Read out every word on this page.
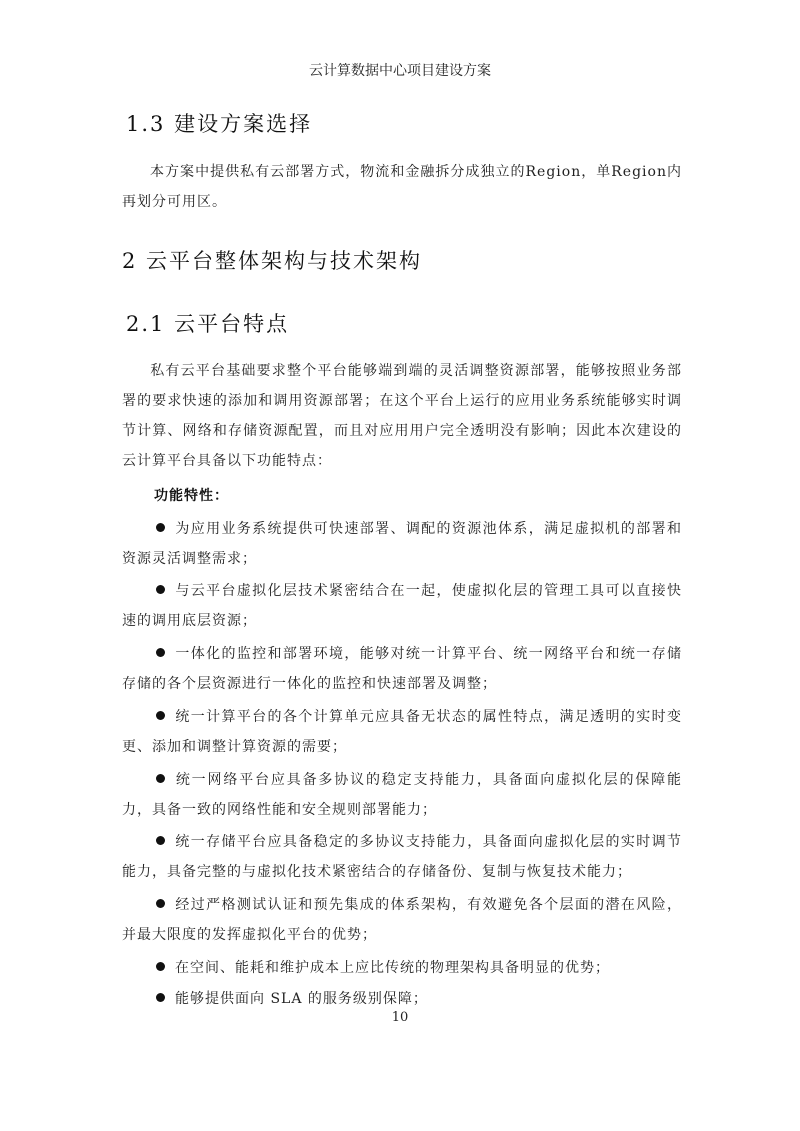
云计算数据中心项目建设方案
1.3 建设方案选择
本方案中提供私有云部署方式，物流和金融拆分成独立的Region，单Region内再划分可用区。
2 云平台整体架构与技术架构
2.1 云平台特点
私有云平台基础要求整个平台能够端到端的灵活调整资源部署，能够按照业务部署的要求快速的添加和调用资源部署；在这个平台上运行的应用业务系统能够实时调节计算、网络和存储资源配置，而且对应用用户完全透明没有影响；因此本次建设的云计算平台具备以下功能特点：
功能特性：
为应用业务系统提供可快速部署、调配的资源池体系，满足虚拟机的部署和资源灵活调整需求；
与云平台虚拟化层技术紧密结合在一起，使虚拟化层的管理工具可以直接快速的调用底层资源；
一体化的监控和部署环境，能够对统一计算平台、统一网络平台和统一存储存储的各个层资源进行一体化的监控和快速部署及调整；
统一计算平台的各个计算单元应具备无状态的属性特点，满足透明的实时变更、添加和调整计算资源的需要；
统一网络平台应具备多协议的稳定支持能力，具备面向虚拟化层的保障能力，具备一致的网络性能和安全规则部署能力；
统一存储平台应具备稳定的多协议支持能力，具备面向虚拟化层的实时调节能力，具备完整的与虚拟化技术紧密结合的存储备份、复制与恢复技术能力；
经过严格测试认证和预先集成的体系架构，有效避免各个层面的潜在风险，并最大限度的发挥虚拟化平台的优势；
在空间、能耗和维护成本上应比传统的物理架构具备明显的优势；
能够提供面向 SLA 的服务级别保障；
10
